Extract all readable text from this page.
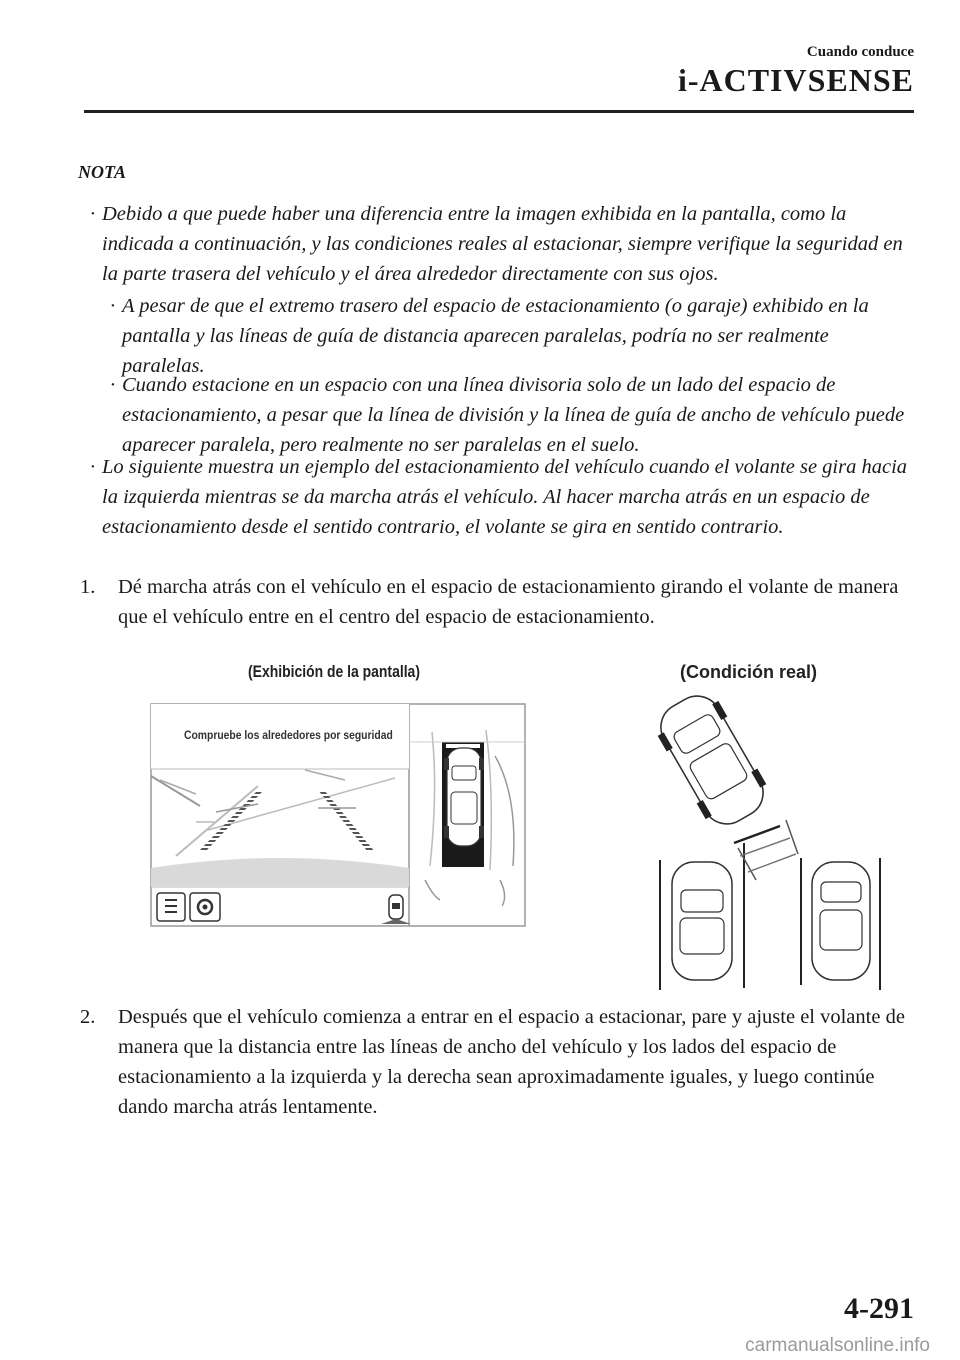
Cuando conduce
i-ACTIVSENSE
NOTA
· Debido a que puede haber una diferencia entre la imagen exhibida en la pantalla, como la indicada a continuación, y las condiciones reales al estacionar, siempre verifique la seguridad en la parte trasera del vehículo y el área alrededor directamente con sus ojos.
· A pesar de que el extremo trasero del espacio de estacionamiento (o garaje) exhibido en la pantalla y las líneas de guía de distancia aparecen paralelas, podría no ser realmente paralelas.
· Cuando estacione en un espacio con una línea divisoria solo de un lado del espacio de estacionamiento, a pesar que la línea de división y la línea de guía de ancho de vehículo puede aparecer paralela, pero realmente no ser paralelas en el suelo.
· Lo siguiente muestra un ejemplo del estacionamiento del vehículo cuando el volante se gira hacia la izquierda mientras se da marcha atrás el vehículo. Al hacer marcha atrás en un espacio de estacionamiento desde el sentido contrario, el volante se gira en sentido contrario.
1. Dé marcha atrás con el vehículo en el espacio de estacionamiento girando el volante de manera que el vehículo entre en el centro del espacio de estacionamiento.
(Exhibición de la pantalla)	(Condición real)
Compruebe los alrededores por seguridad
2. Después que el vehículo comienza a entrar en el espacio a estacionar, pare y ajuste el volante de manera que la distancia entre las líneas de ancho del vehículo y los lados del espacio de estacionamiento a la izquierda y la derecha sean aproximadamente iguales, y luego continúe dando marcha atrás lentamente.
4-291
carmanualsonline.info
